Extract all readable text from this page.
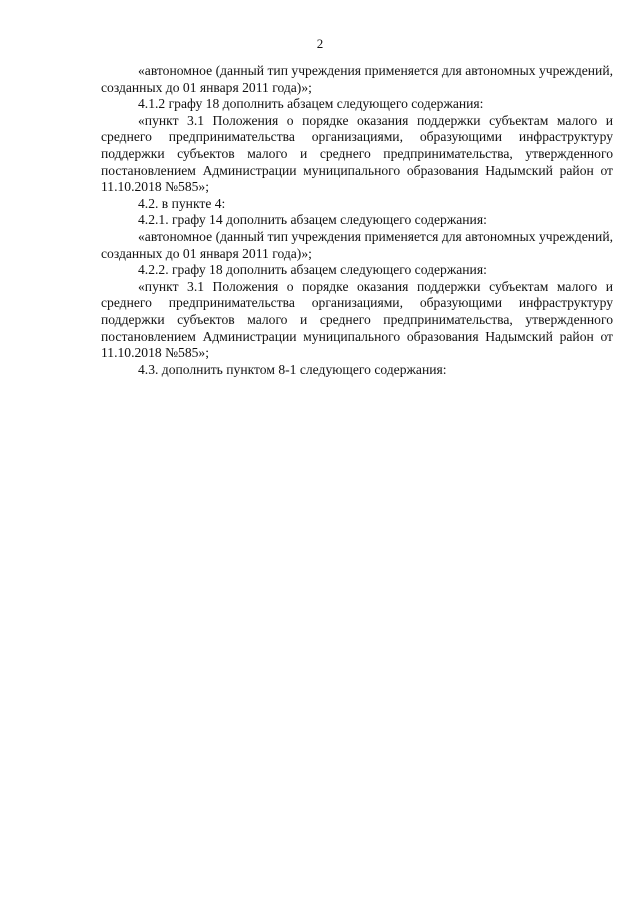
2

«автономное (данный тип учреждения применяется для автономных учреждений, созданных до 01 января 2011 года)»;

4.1.2 графу 18 дополнить абзацем следующего содержания:

«пункт 3.1 Положения о порядке оказания поддержки субъектам малого и среднего предпринимательства организациями, образующими инфраструктуру поддержки субъектов малого и среднего предпринимательства, утвержденного постановлением Администрации муниципального образования Надымский район от 11.10.2018 №585»;

4.2. в пункте 4:

4.2.1. графу 14 дополнить абзацем следующего содержания:

«автономное (данный тип учреждения применяется для автономных учреждений, созданных до 01 января 2011 года)»;

4.2.2. графу 18 дополнить абзацем следующего содержания:

«пункт 3.1 Положения о порядке оказания поддержки субъектам малого и среднего предпринимательства организациями, образующими инфраструктуру поддержки субъектов малого и среднего предпринимательства, утвержденного постановлением Администрации муниципального образования Надымский район от 11.10.2018 №585»;

4.3. дополнить пунктом 8-1 следующего содержания:
